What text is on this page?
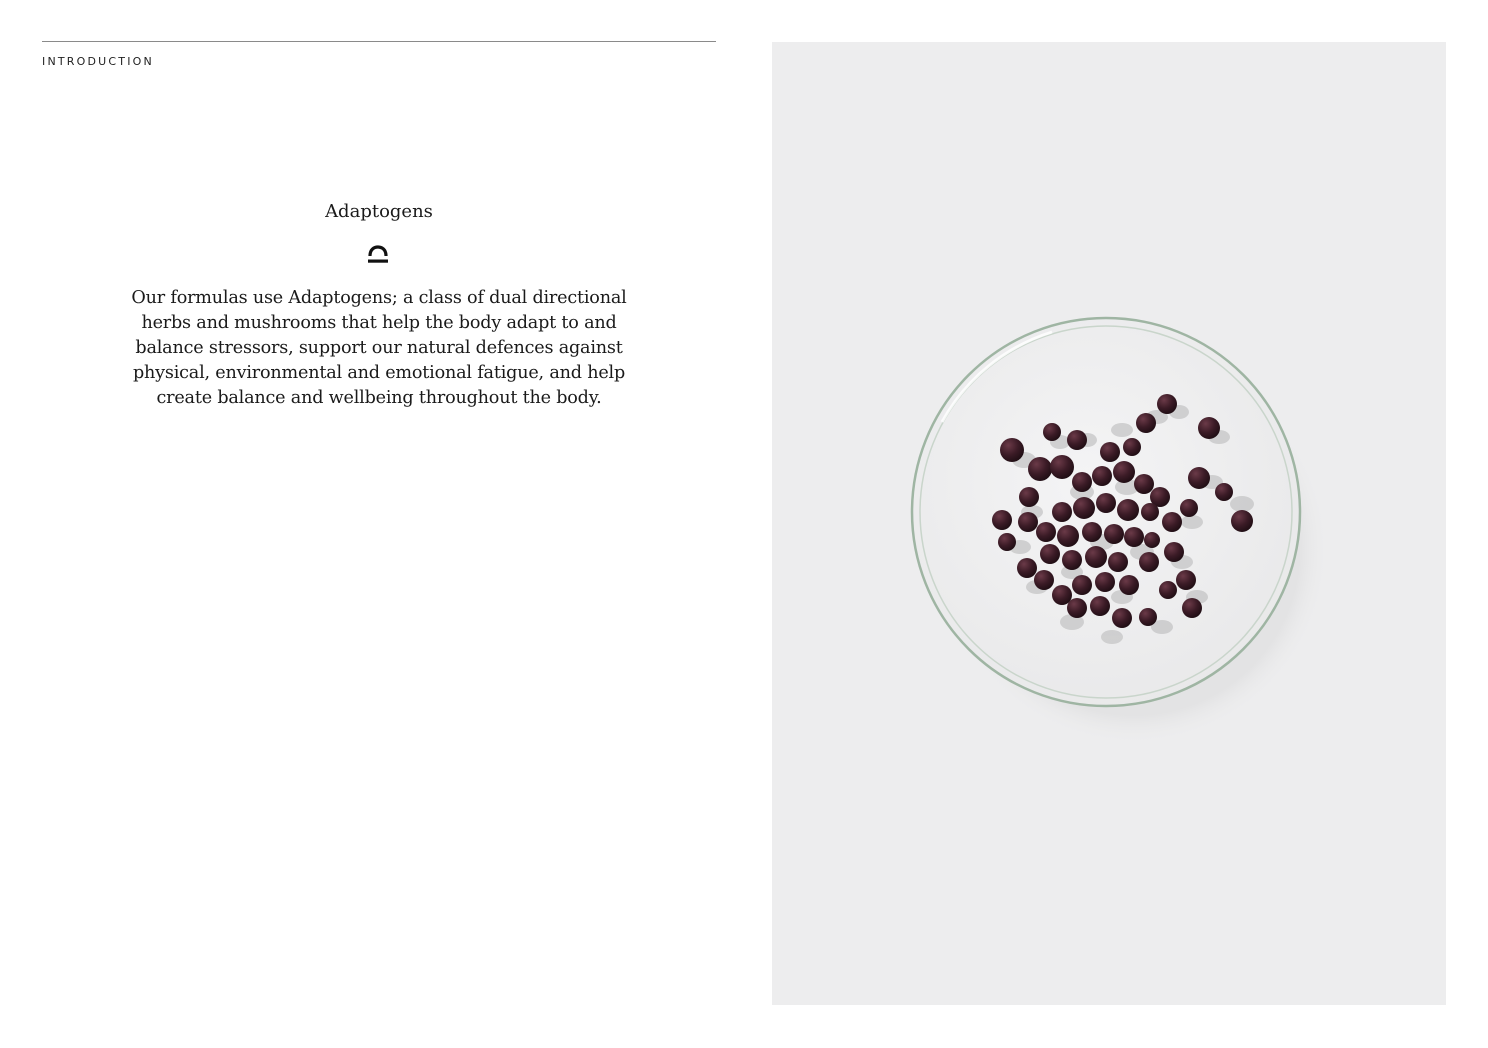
INTRODUCTION
Adaptogens
Our formulas use Adaptogens; a class of dual directional herbs and mushrooms that help the body adapt to and balance stressors, support our natural defences against physical, environmental and emotional fatigue, and help create balance and wellbeing throughout the body.
